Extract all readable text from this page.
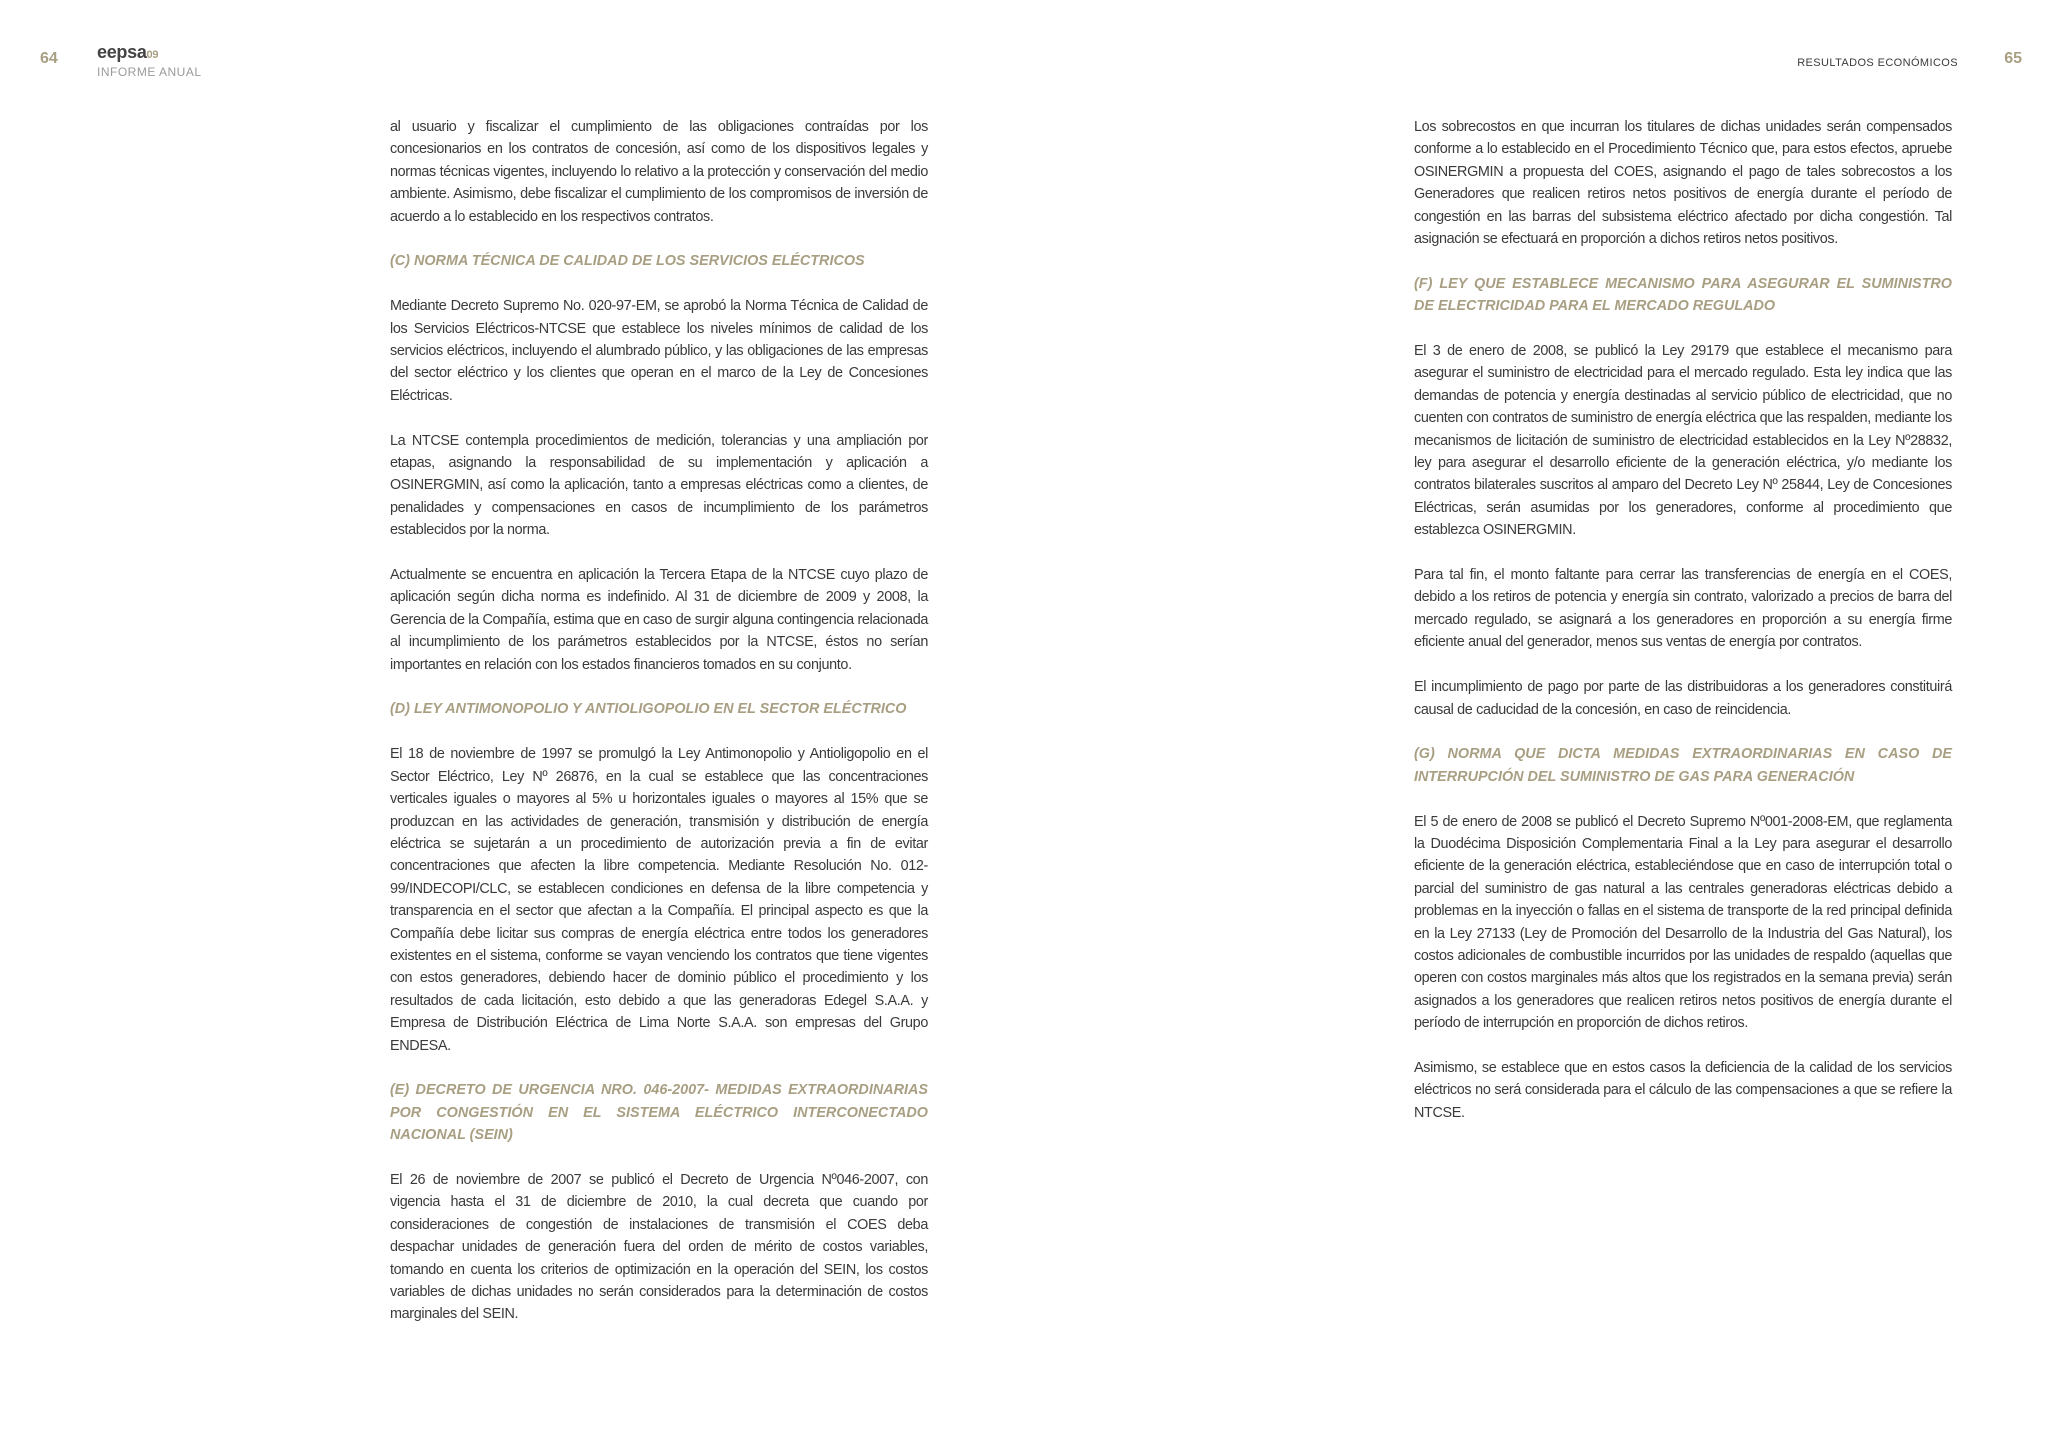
64 eepsa09
INFORME ANUAL
RESULTADOS ECONÓMICOS	65

al usuario y fiscalizar el cumplimiento de las obligaciones contraídas por los concesionarios en los contratos de concesión, así como de los dispositivos legales y normas técnicas vigentes, incluyendo lo relativo a la protección y conservación del medio ambiente. Asimismo, debe fiscalizar el cumplimiento de los compromisos de inversión de acuerdo a lo establecido en los respectivos contratos.

(C) NORMA TÉCNICA DE CALIDAD DE LOS SERVICIOS ELÉCTRICOS

Mediante Decreto Supremo No. 020-97-EM, se aprobó la Norma Técnica de Calidad de los Servicios Eléctricos-NTCSE que establece los niveles mínimos de calidad de los servicios eléctricos, incluyendo el alumbrado público, y las obligaciones de las empresas del sector eléctrico y los clientes que operan en el marco de la Ley de Concesiones Eléctricas.

La NTCSE contempla procedimientos de medición, tolerancias y una ampliación por etapas, asignando la responsabilidad de su implementación y aplicación a OSINERGMIN, así como la aplicación, tanto a empresas eléctricas como a clientes, de penalidades y compensaciones en casos de incumplimiento de los parámetros establecidos por la norma.

Actualmente se encuentra en aplicación la Tercera Etapa de la NTCSE cuyo plazo de aplicación según dicha norma es indefinido. Al 31 de diciembre de 2009 y 2008, la Gerencia de la Compañía, estima que en caso de surgir alguna contingencia relacionada al incumplimiento de los parámetros establecidos por la NTCSE, éstos no serían importantes en relación con los estados financieros tomados en su conjunto.

(D) LEY ANTIMONOPOLIO Y ANTIOLIGOPOLIO EN EL SECTOR ELÉCTRICO

El 18 de noviembre de 1997 se promulgó la Ley Antimonopolio y Antioligopolio en el Sector Eléctrico, Ley Nº 26876, en la cual se establece que las concentraciones verticales iguales o mayores al 5% u horizontales iguales o mayores al 15% que se produzcan en las actividades de generación, transmisión y distribución de energía eléctrica se sujetarán a un procedimiento de autorización previa a fin de evitar concentraciones que afecten la libre competencia. Mediante Resolución No. 012-99/INDECOPI/CLC, se establecen condiciones en defensa de la libre competencia y transparencia en el sector que afectan a la Compañía. El principal aspecto es que la Compañía debe licitar sus compras de energía eléctrica entre todos los generadores existentes en el sistema, conforme se vayan venciendo los contratos que tiene vigentes con estos generadores, debiendo hacer de dominio público el procedimiento y los resultados de cada licitación, esto debido a que las generadoras Edegel S.A.A. y Empresa de Distribución Eléctrica de Lima Norte S.A.A. son empresas del Grupo ENDESA.

(E) DECRETO DE URGENCIA NRO. 046-2007- MEDIDAS EXTRAORDINARIAS POR CONGESTIÓN EN EL SISTEMA ELÉCTRICO INTERCONECTADO NACIONAL (SEIN)

El 26 de noviembre de 2007 se publicó el Decreto de Urgencia Nº046-2007, con vigencia hasta el 31 de diciembre de 2010, la cual decreta que cuando por consideraciones de congestión de instalaciones de transmisión el COES deba despachar unidades de generación fuera del orden de mérito de costos variables, tomando en cuenta los criterios de optimización en la operación del SEIN, los costos variables de dichas unidades no serán considerados para la determinación de costos marginales del SEIN.

Los sobrecostos en que incurran los titulares de dichas unidades serán compensados conforme a lo establecido en el Procedimiento Técnico que, para estos efectos, apruebe OSINERGMIN a propuesta del COES, asignando el pago de tales sobrecostos a los Generadores que realicen retiros netos positivos de energía durante el período de congestión en las barras del subsistema eléctrico afectado por dicha congestión. Tal asignación se efectuará en proporción a dichos retiros netos positivos.

(F) LEY QUE ESTABLECE MECANISMO PARA ASEGURAR EL SUMINISTRO DE ELECTRICIDAD PARA EL MERCADO REGULADO

El 3 de enero de 2008, se publicó la Ley 29179 que establece el mecanismo para asegurar el suministro de electricidad para el mercado regulado. Esta ley indica que las demandas de potencia y energía destinadas al servicio público de electricidad, que no cuenten con contratos de suministro de energía eléctrica que las respalden, mediante los mecanismos de licitación de suministro de electricidad establecidos en la Ley Nº28832, ley para asegurar el desarrollo eficiente de la generación eléctrica, y/o mediante los contratos bilaterales suscritos al amparo del Decreto Ley Nº 25844, Ley de Concesiones Eléctricas, serán asumidas por los generadores, conforme al procedimiento que establezca OSINERGMIN.

Para tal fin, el monto faltante para cerrar las transferencias de energía en el COES, debido a los retiros de potencia y energía sin contrato, valorizado a precios de barra del mercado regulado, se asignará a los generadores en proporción a su energía firme eficiente anual del generador, menos sus ventas de energía por contratos.

El incumplimiento de pago por parte de las distribuidoras a los generadores constituirá causal de caducidad de la concesión, en caso de reincidencia.

(G) NORMA QUE DICTA MEDIDAS EXTRAORDINARIAS EN CASO DE INTERRUPCIÓN DEL SUMINISTRO DE GAS PARA GENERACIÓN

El 5 de enero de 2008 se publicó el Decreto Supremo Nº001-2008-EM, que reglamenta la Duodécima Disposición Complementaria Final a la Ley para asegurar el desarrollo eficiente de la generación eléctrica, estableciéndose que en caso de interrupción total o parcial del suministro de gas natural a las centrales generadoras eléctricas debido a problemas en la inyección o fallas en el sistema de transporte de la red principal definida en la Ley 27133 (Ley de Promoción del Desarrollo de la Industria del Gas Natural), los costos adicionales de combustible incurridos por las unidades de respaldo (aquellas que operen con costos marginales más altos que los registrados en la semana previa) serán asignados a los generadores que realicen retiros netos positivos de energía durante el período de interrupción en proporción de dichos retiros.

Asimismo, se establece que en estos casos la deficiencia de la calidad de los servicios eléctricos no será considerada para el cálculo de las compensaciones a que se refiere la NTCSE.
